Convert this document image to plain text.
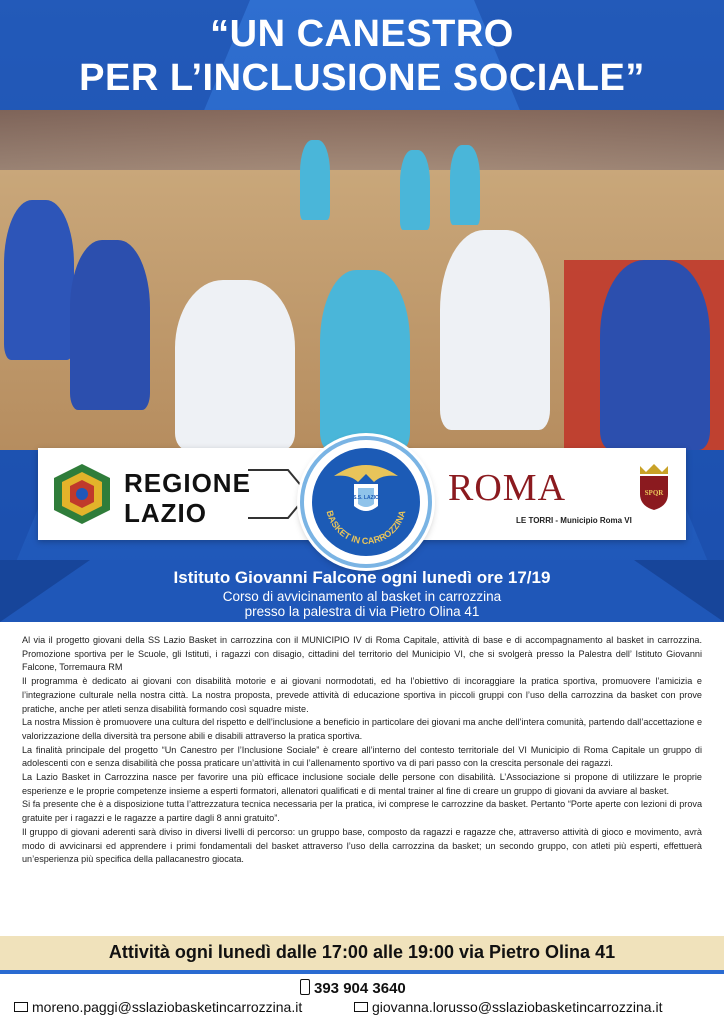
“UN CANESTRO
PER L’INCLUSIONE SOCIALE”
REGIONE
LAZIO	S.S. LAZIO
BASKET IN CARROZZINA
ROMA	SPQR
LE TORRI - Municipio Roma VI
Istituto Giovanni Falcone ogni lunedì ore 17/19
Corso di avvicinamento al basket in carrozzina
presso la palestra di via Pietro Olina 41

Al via il progetto giovani della SS Lazio Basket in carrozzina con il MUNICIPIO IV di Roma Capitale, attività di base e di accompagnamento al basket in carrozzina. Promozione sportiva per le Scuole, gli Istituti, i ragazzi con disagio, cittadini del territorio del Municipio VI, che si svolgerà presso la Palestra dell’ Istituto Giovanni Falcone, Torremaura RM

Il programma è dedicato ai giovani con disabilità motorie e ai giovani normodotati, ed ha l’obiettivo di incoraggiare la pratica sportiva, promuovere l’amicizia e l’integrazione culturale nella nostra città. La nostra proposta, prevede attività di educazione sportiva in piccoli gruppi con l’uso della carrozzina da basket con prove pratiche, anche per atleti senza disabilità formando così squadre miste.

La nostra Mission è promuovere una cultura del rispetto e dell’inclusione a beneficio in particolare dei giovani ma anche dell’intera comunità, partendo dall’accettazione e valorizzazione della diversità tra persone abili e disabili attraverso la pratica sportiva.

La finalità principale del progetto “Un Canestro per l’Inclusione Sociale” è creare all’interno del contesto territoriale del VI Municipio di Roma Capitale un gruppo di adolescenti con e senza disabilità che possa praticare un’attività in cui l’allenamento sportivo va di pari passo con la crescita personale dei ragazzi.

La Lazio Basket in Carrozzina nasce per favorire una più efficace inclusione sociale delle persone con disabilità. L’Associazione si propone di utilizzare le proprie esperienze e le proprie competenze insieme a esperti formatori, allenatori qualificati e di mental trainer al fine di creare un gruppo di giovani da avviare al basket.

Si fa presente che è a disposizione tutta l’attrezzatura tecnica necessaria per la pratica, ivi comprese le carrozzine da basket. Pertanto “Porte aperte con lezioni di prova gratuite per i ragazzi e le ragazze a partire dagli 8 anni gratuito”.

Il gruppo di giovani aderenti sarà diviso in diversi livelli di percorso: un gruppo base, composto da ragazzi e ragazze che, attraverso attività di gioco e movimento, avrà modo di avvicinarsi ed apprendere i primi fondamentali del basket attraverso l’uso della carrozzina da basket; un secondo gruppo, con atleti più esperti, effettuerà un’esperienza più specifica della pallacanestro giocata.

Attività ogni lunedì dalle 17:00 alle 19:00 via Pietro Olina 41
393 904 3640
moreno.paggi@sslaziobasketincarrozzina.it	giovanna.lorusso@sslaziobasketincarrozzina.it
